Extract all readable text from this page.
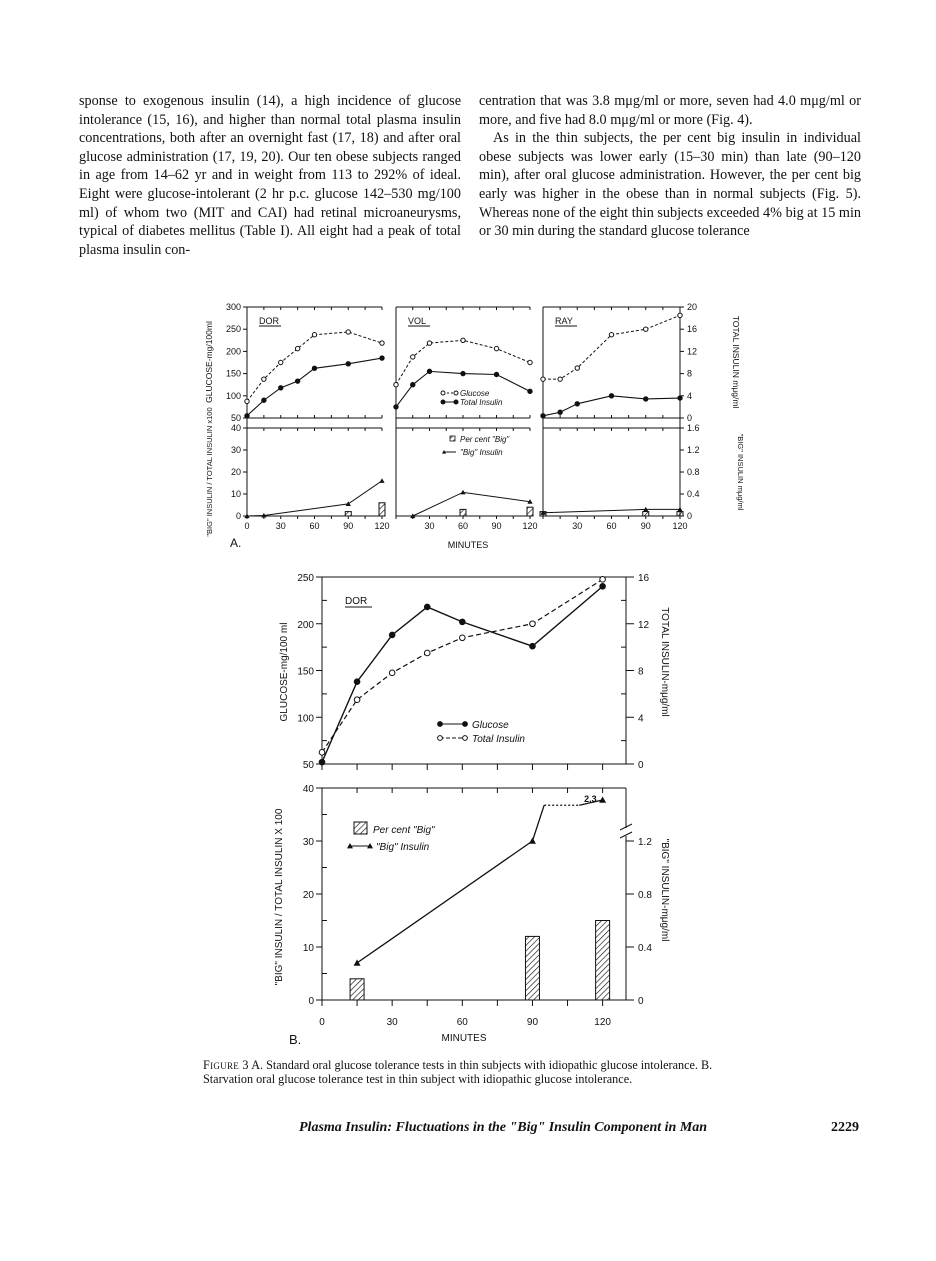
sponse to exogenous insulin (14), a high incidence of glucose intolerance (15, 16), and higher than normal total plasma insulin concentrations, both after an overnight fast (17, 18) and after oral glucose administration (17, 19, 20). Our ten obese subjects ranged in age from 14–62 yr and in weight from 113 to 292% of ideal. Eight were glucose-intolerant (2 hr p.c. glucose 142–530 mg/100 ml) of whom two (MIT and CAI) had retinal microaneurysms, typical of diabetes mellitus (Table I). All eight had a peak of total plasma insulin con-

centration that was 3.8 mμg/ml or more, seven had 4.0 mμg/ml or more, and five had 8.0 mμg/ml or more (Fig. 4).

As in the thin subjects, the per cent big insulin in individual obese subjects was lower early (15–30 min) than late (90–120 min), after oral glucose administration. However, the per cent big early was higher in the obese than in normal subjects (Fig. 5). Whereas none of the eight thin subjects exceeded 4% big at 15 min or 30 min during the standard glucose tolerance

DOR
0	30	60	90 120
VOL
30	60	90 120
RAY
30	60	90 120
50
100
150
200
250
300
0
10
20
30
40
0
4
8
12
16
20
0
0.4
0.8
1.2
1.6
GLUCOSE-mg/100ml
"BIG" INSULIN / TOTAL INSULIN x100
TOTAL INSULIN mμg/ml
"BIG" INSULIN mμg/ml
A.	MINUTES
Glucose
Total Insulin
Per cent "Big"
"Big" Insulin
DOR
2.3
50
100
150
200
250
0
4
8
12
16
0
10
20
30
40
0
0.4
0.8
1.2
0	30	60	90	120
GLUCOSE-mg/100 ml	TOTAL INSULIN-mμg/ml
"BIG" INSULIN / TOTAL INSULIN X 100	"BIG" INSULIN-mμg/ml
B.	MINUTES
Glucose
Total Insulin
Per cent "Big"
"Big" Insulin
Figure 3 A. Standard oral glucose tolerance tests in thin subjects with idiopathic glucose intolerance. B. Starvation oral glucose tolerance test in thin subject with idiopathic glucose intolerance.
Plasma Insulin: Fluctuations in the "Big" Insulin Component in Man	2229
